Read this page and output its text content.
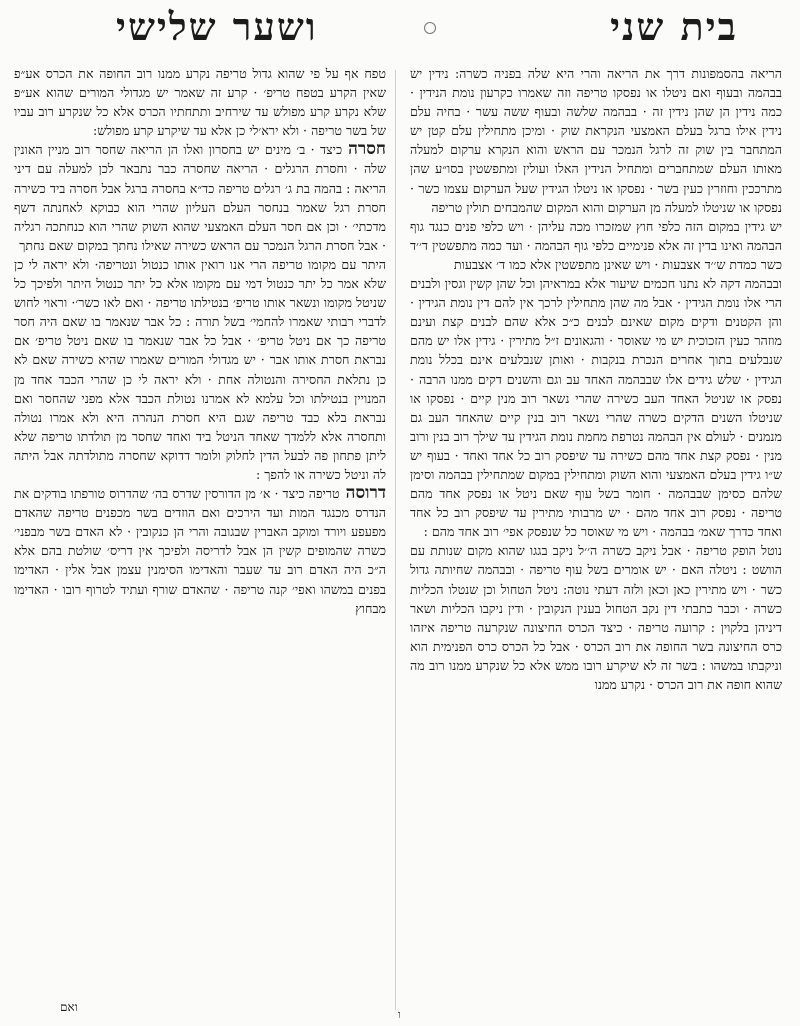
בית שני
ושער שלישי

הריאה בהסמפונות דרך את הריאה והרי היא שלה בפניה כשרה: נידין יש בבהמה ובעוף ואם ניטלו או נפסקו טריפה וזה שאמרו כקרעון נומת הנידין · כמה נידין הן שהן נידין זה · בבהמה שלשה ובעוף ששה עשר · בחיה עלם נידין אילו ברגל בעלם האמצעי הנקראת שוק · ומיכן מתחילין עלם קטן יש המתחבר בין שוק זה לרגל הנמכר עם הראש והוא הנקרא ערקום למעלה מאותו העלם שמתחברים ומתחיל הנידין האלו ועולין ומתפשטין בסו״ע שהן מתרככין וחוזרין כעין בשר · נפסקו או ניטלו הגידין שעל הערקום עצמו כשר · נפסקו או שניטלו למעלה מן הערקום והוא המקום שהמבחים תולין טריפה

יש גידין במקום הזה כלפי חוץ שמזכרו מכה עליהן · ויש כלפי פנים כנגד גוף הבהמה ואינו בדין זה אלא פנימיים כלפי גוף הבהמה · ועד כמה מתפשטין ד׳׳ד כשר כמדת ש׳׳ד אצבעות · ויש שאינן מתפשטין אלא כמו ד׳ אצבעות

ובבהמה דקה לא נתנו חכמים שיעור אלא במראיהן וכל שהן קשין וגסין ולבנים הרי אלו נומת הגידין · אבל מה שהן מתחילין לרכך אין להם דין נומת הגידין · והן הקטנים ודקים מקום שאינם לבנים כ״כ אלא שהם לבנים קצת ועינם מוזהר כעין הזכוכית יש מי שאוסר · והגאונים ז״ל מתירין · גידין אלו יש מהם שנבלעים בתוך אחרים הנכרת בנקבות · ואותן שנבלעים אינם בכלל נומת הגידין · שלש גידים אלו שבבהמה האחד עב וגם והשנים דקים ממנו הרבה · נפסק או שניטל האחד העב כשירה שהרי נשאר רוב מנין קיים · נפסקו או שניטלו השנים הדקים כשרה שהרי נשאר רוב בנין קיים שהאחד העב גם מנמנים · לעולם אין הבהמה נטרפת מחמת נומת הגידין עד שילך רוב בנין ורוב מנין · נפסק קצת אחד מהם כשירה עד שיפסק רוב כל אחד ואחד · בעוף יש ש״ו גידין בעלם האמצעי והוא השוק ומתחילין במקום שמתחילין בבהמה וסימן שלהם כסימן שבבהמה · חומר בשל עוף שאם ניטל או נפסק אחד מהם טריפה · נפסק רוב אחד מהם · יש מרבותי מתירין עד שיפסק רוב כל אחד ואחד כדרך שאמ׳ בבהמה · ויש מי שאוסר כל שנפסק אפי׳ רוב אחד מהם :

נוטל הופק טריפה · אבל ניקב כשרה ה׳׳ל ניקב בגגו שהוא מקום שנותת עם הוושט : ניטלה האם · יש אומרים בשל עוף טריפה · ובבהמה שחיותה גדול כשר · ויש מתירין כאן וכאן ולזה דעתי נוטה: ניטל הטחול וכן שנטלו הכליות כשרה · וכבר כתבתי דין נקב הטחול בענין הנקובין · ודין ניקבו הכליות ושאר דיניהן בלקוין : קרועה טריפה · כיצד הכרס החיצונה שנקרעה טריפה איזהו כרס החיצונה בשר החופה את רוב הכרס · אבל כל הכרס כרס הפנימית הוא וניקבתו במשהו : בשר זה לא שיקרע רובו ממש אלא כל שנקרע ממנו רוב מה שהוא חופה את רוב הכרס · נקרע ממנו

טפח אף על פי שהוא גדול טריפה נקרע ממנו רוב החופה את הכרס אע״פ שאין הקרע בטפח טריפ׳ · קרע זה שאמר יש מגדולי המורים שהוא אע״פ שלא נקרע קרע מפולש עד שירחיב ותתחתיו הכרס אלא כל שנקרע רוב עביו של בשר טריפה · ולא ירא׳לי כן אלא עד שיקרע קרע מפולש:

חסרהכיצד · ב׳ מינים יש בחסרון ואלו הן הריאה שחסר רוב מניין האונין שלה · וחסרת הרגלים · הריאה שחסרה כבר נתבאר לכן למעלה עם דיני הריאה : בהמה בת ג׳ רגלים טריפה כד״א בחסרה ברגל אבל חסרה ביד כשירה חסרת רגל שאמר בנחסר העלם העליון שהרי הוא כבוקא לאחנתה דשף מדכתי׳ · וכן אם חסר העלם האמצעי שהוא השוק שהרי הוא כנחתכה רגליה · אבל חסרת הרגל הנמכר עם הראש כשירה שאילו נחתך במקום שאם נחתך

היתר עם מקומו טריפה הרי אנו רואין אותו כנטול ונטריפה· ולא יראה לי כן שלא אמר כל יתר כנטול דמי עם מקומו אלא כל יתר כנטול היתר ולפיכך כל שניטל מקומו ונשאר אותו טריפ׳ בנטילתו טריפה · ואם לאו כשר׳· וראוי לחוש לדברי רבותי שאמרו להחמי׳ בשל תורה : כל אבר שנאמר בו שאם היה חסר טריפה כך אם ניטל טריפ׳ · אבל כל אבר שנאמר בו שאם ניטל טריפ׳ אם נבראת חסרת אותו אבר · יש מגדולי המורים שאמרו שהיא כשירה שאם לא כן נתלאת החסירה והנטולה אחת · ולא יראה לי כן שהרי הכבד אחד מן המנויין בנטילתו וכל עלמא לא אמרנו נטולת הכבד אלא מפני שהחסר ואם נבראת בלא כבד טריפה שגם היא חסרת הנהרה היא ולא אמרו נטולה ותחסרה אלא ללמדך שאחד הניטל ביד ואחד שחסר מן תולדתו טריפה שלא ליתן פתחון פה לבעל הדין לחלוק ולומר דדוקא שחסרה מתולדתה אבל היתה לה וניטל כשירה או להפך :

דרוסהטריפה כיצד · א׳ מן הדורסין שדרס בה׳ שהדרוס טורפתו בודקים את הנדרס מכנגד המות ועד הירכים ואם הוזדים בשר מכפנים טריפה שהאדם מפעפע ויורד ומוקב האברין שבגובה והרי הן כנקובין · לא האדם בשר מבפני׳ כשרה שהמופים קשין הן אבל לדריסה ולפיכך אין דריס׳ שולטת בהם אלא ה״כ היה האדם רוב עד שעבר והאדימו הסימנין עצמן אבל אלין · האדימו בפנים במשהו ואפי׳ קנה טריפה · שהאדם שורף ועתיד לטרוף רובו · האדימו מבחוץ

ואם
ו
